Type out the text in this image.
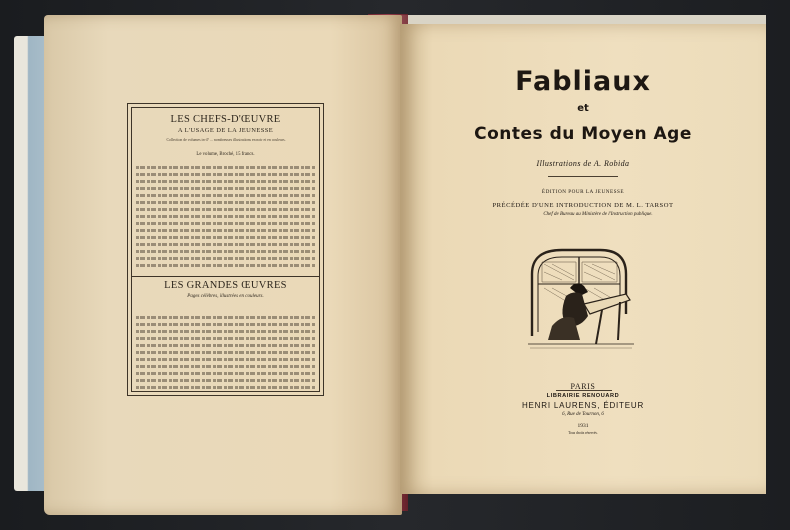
LES CHEFS-D'ŒUVRE
A L'USAGE DE LA JEUNESSE
Collection de volumes in-4° ... nombreuses illustrations en noir et en couleurs.
Le volume, Broché, 15 francs.
LES GRANDES ŒUVRES
Pages célèbres, illustrées en couleurs.
Fabliaux
et
Contes du Moyen Age
Illustrations de A. Robida
ÉDITION POUR LA JEUNESSE
PRÉCÉDÉE D'UNE INTRODUCTION DE M. L. TARSOT
Chef de Bureau au Ministère de l'Instruction publique.
PARIS
LIBRAIRIE RENOUARD
HENRI LAURENS, ÉDITEUR
6, Rue de Tournon, 6
1931
Tous droits réservés.
